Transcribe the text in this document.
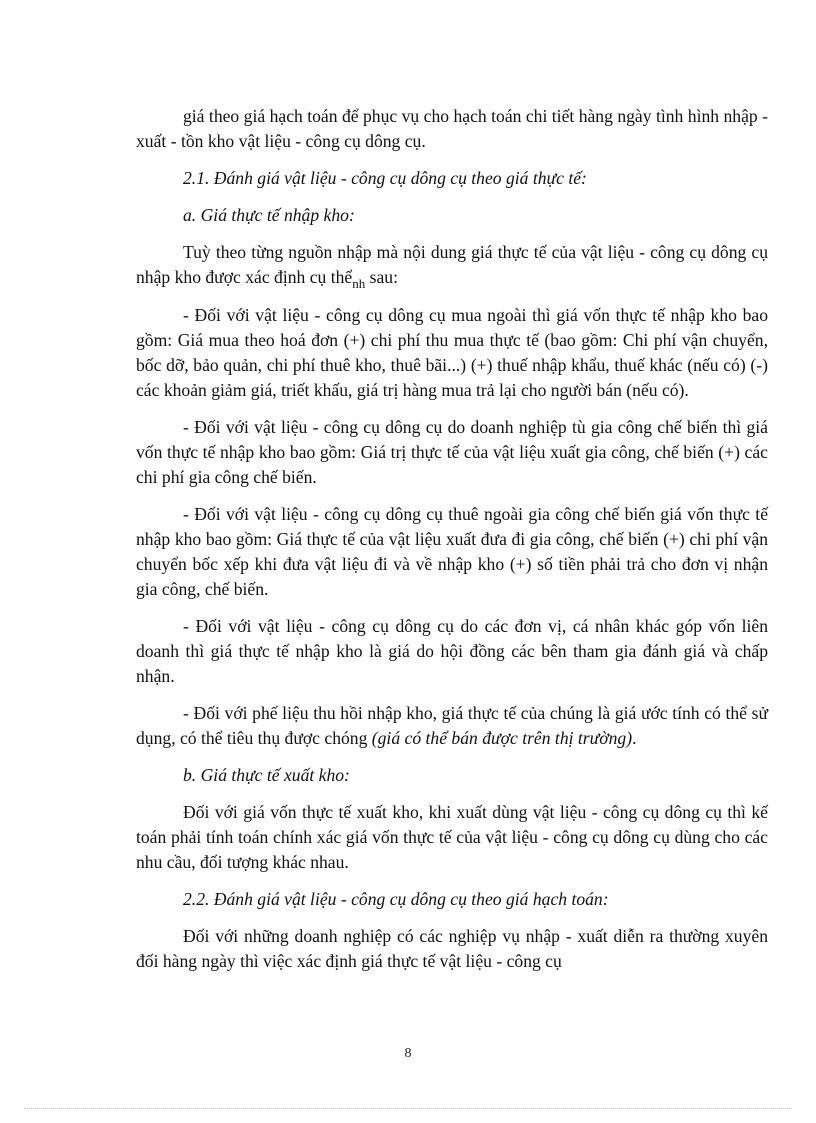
giá theo giá hạch toán để phục vụ cho hạch toán chi tiết hàng ngày tình hình nhập - xuất - tồn kho vật liệu - công cụ dông cụ.

2.1. Đánh giá vật liệu - công cụ dông cụ theo giá thực tế:

a. Giá thực tế nhập kho:

Tuỳ theo từng nguồn nhập mà nội dung giá thực tế của vật liệu - công cụ dông cụ nhập kho được xác định cụ thể$_{nh}$ sau:

- Đối với vật liệu - công cụ dông cụ mua ngoài thì giá vốn thực tế nhập kho bao gồm: Giá mua theo hoá đơn (+) chi phí thu mua thực tế (bao gồm: Chi phí vận chuyển, bốc dỡ, bảo quản, chi phí thuê kho, thuê bãi...) (+) thuế nhập khẩu, thuế khác (nếu có) (-) các khoản giảm giá, triết khấu, giá trị hàng mua trả lại cho người bán (nếu có).

- Đối với vật liệu - công cụ dông cụ do doanh nghiệp tù gia công chế biến thì giá vốn thực tế nhập kho bao gồm: Giá trị thực tế của vật liệu xuất gia công, chế biến (+) các chi phí gia công chế biến.

- Đối với vật liệu - công cụ dông cụ thuê ngoài gia công chế biến giá vốn thực tế nhập kho bao gồm: Giá thực tế của vật liệu xuất đưa đi gia công, chế biến (+) chi phí vận chuyển bốc xếp khi đưa vật liệu đi và về nhập kho (+) số tiền phải trả cho đơn vị nhận gia công, chế biến.

- Đối với vật liệu - công cụ dông cụ do các đơn vị, cá nhân khác góp vốn liên doanh thì giá thực tế nhập kho là giá do hội đồng các bên tham gia đánh giá và chấp nhận.

- Đối với phế liệu thu hồi nhập kho, giá thực tế của chúng là giá ước tính có thể sử dụng, có thể tiêu thụ được chóng (giá có thể bán được trên thị trường).

b. Giá thực tế xuất kho:

Đối với giá vốn thực tế xuất kho, khi xuất dùng vật liệu - công cụ dông cụ thì kế toán phải tính toán chính xác giá vốn thực tế của vật liệu - công cụ dông cụ dùng cho các nhu cầu, đối tượng khác nhau.

2.2. Đánh giá vật liệu - công cụ dông cụ theo giá hạch toán:

Đối với những doanh nghiệp có các nghiệp vụ nhập - xuất diễn ra thường xuyên đối hàng ngày thì việc xác định giá thực tế vật liệu - công cụ

8
